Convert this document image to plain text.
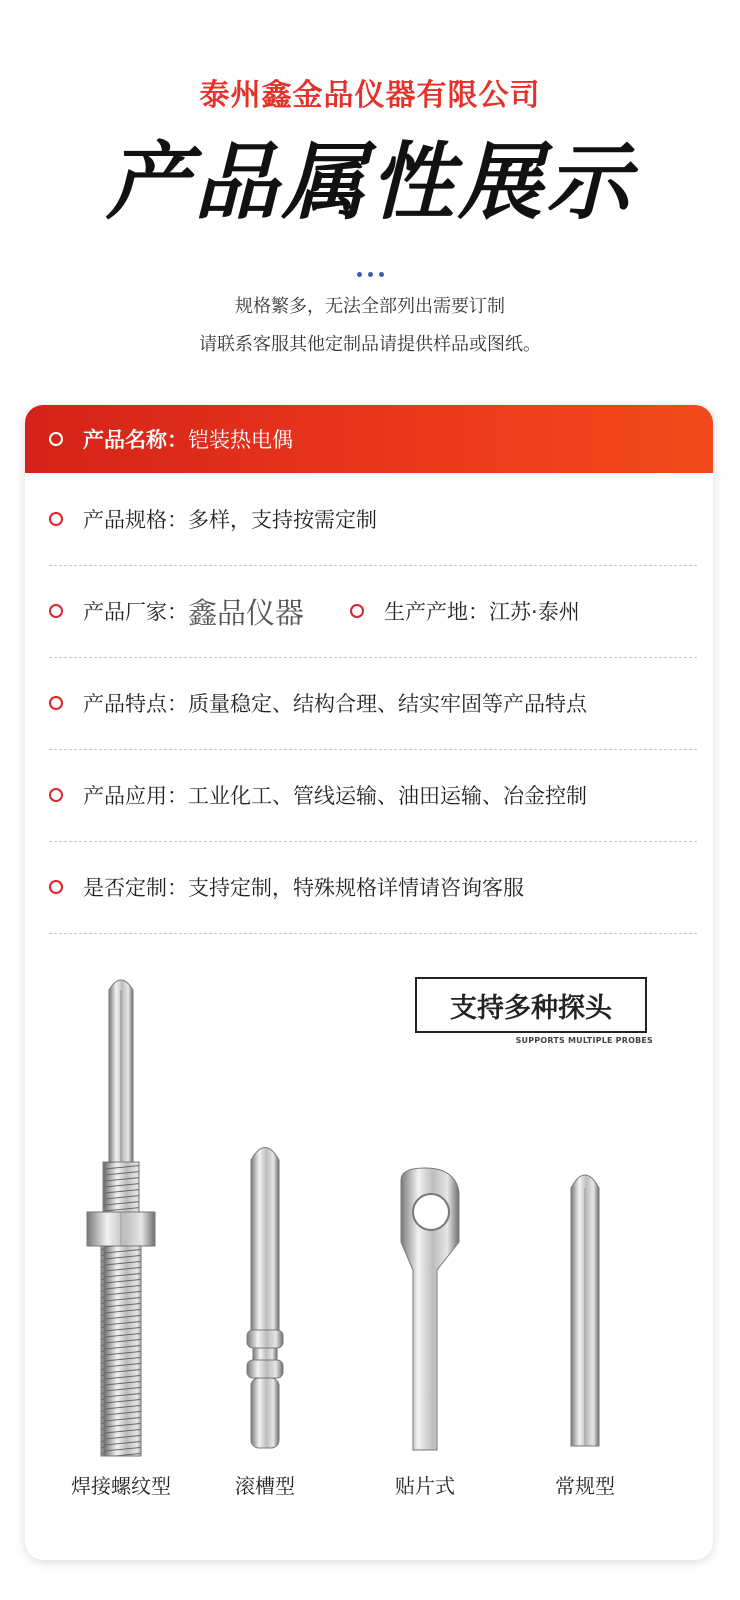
泰州鑫金品仪器有限公司
产品属性展示
规格繁多，无法全部列出需要订制
请联系客服其他定制品请提供样品或图纸。
产品名称： 铠装热电偶
产品规格：多样，支持按需定制
产品厂家： 鑫品仪器	生产产地：江苏·泰州
产品特点：质量稳定、结构合理、结实牢固等产品特点
产品应用：工业化工、管线运输、油田运输、冶金控制
是否定制：支持定制，特殊规格详情请咨询客服
支持多种探头
SUPPORTS MULTIPLE PROBES
焊接螺纹型	滚槽型	贴片式	常规型
